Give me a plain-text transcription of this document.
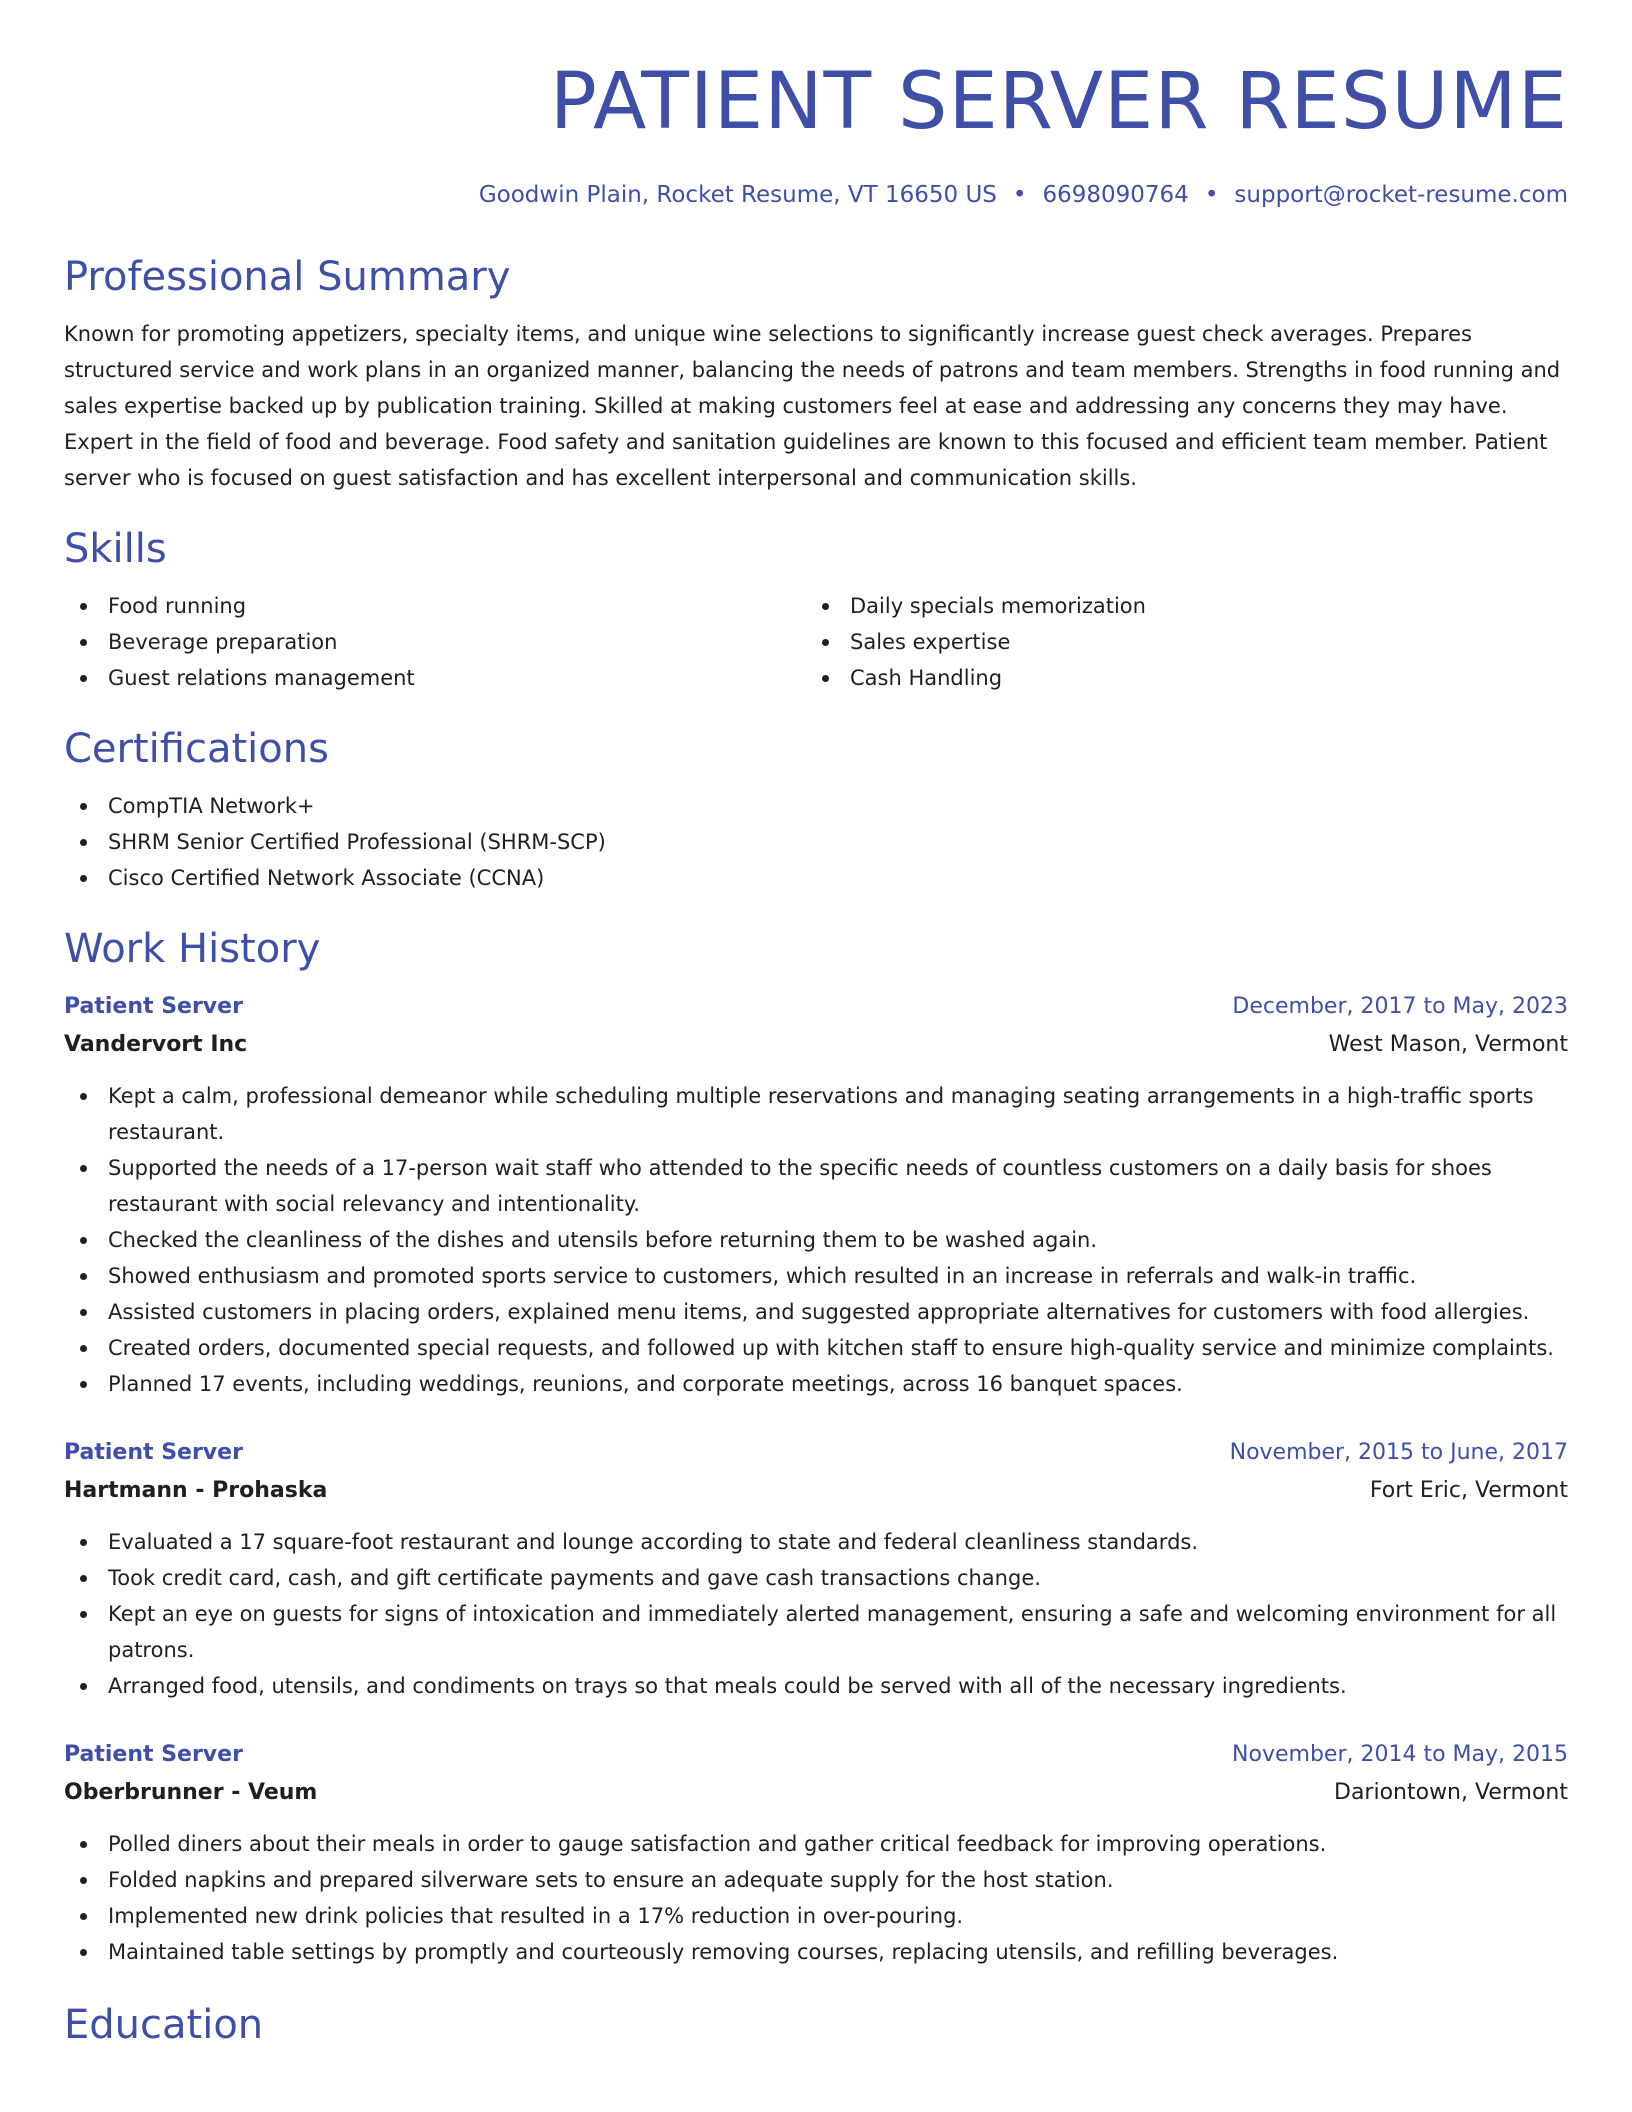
PATIENT SERVER RESUME
Goodwin Plain, Rocket Resume, VT 16650 US • 6698090764 • support@rocket-resume.com
Professional Summary

Known for promoting appetizers, specialty items, and unique wine selections to significantly increase guest check averages. Prepares structured service and work plans in an organized manner, balancing the needs of patrons and team members. Strengths in food running and sales expertise backed up by publication training. Skilled at making customers feel at ease and addressing any concerns they may have. Expert in the field of food and beverage. Food safety and sanitation guidelines are known to this focused and efficient team member. Patient server who is focused on guest satisfaction and has excellent interpersonal and communication skills.

Skills
Food running
Beverage preparation
Guest relations management
Daily specials memorization
Sales expertise
Cash Handling
Certifications
CompTIA Network+
SHRM Senior Certified Professional (SHRM-SCP)
Cisco Certified Network Associate (CCNA)
Work History
Patient Server	December, 2017 to May, 2023
Vandervort Inc	West Mason, Vermont
Kept a calm, professional demeanor while scheduling multiple reservations and managing seating arrangements in a high-traffic sports restaurant.
Supported the needs of a 17-person wait staff who attended to the specific needs of countless customers on a daily basis for shoes restaurant with social relevancy and intentionality.
Checked the cleanliness of the dishes and utensils before returning them to be washed again.
Showed enthusiasm and promoted sports service to customers, which resulted in an increase in referrals and walk-in traffic.
Assisted customers in placing orders, explained menu items, and suggested appropriate alternatives for customers with food allergies.
Created orders, documented special requests, and followed up with kitchen staff to ensure high-quality service and minimize complaints.
Planned 17 events, including weddings, reunions, and corporate meetings, across 16 banquet spaces.
Patient Server	November, 2015 to June, 2017
Hartmann - Prohaska	Fort Eric, Vermont
Evaluated a 17 square-foot restaurant and lounge according to state and federal cleanliness standards.
Took credit card, cash, and gift certificate payments and gave cash transactions change.
Kept an eye on guests for signs of intoxication and immediately alerted management, ensuring a safe and welcoming environment for all patrons.
Arranged food, utensils, and condiments on trays so that meals could be served with all of the necessary ingredients.
Patient Server	November, 2014 to May, 2015
Oberbrunner - Veum	Dariontown, Vermont
Polled diners about their meals in order to gauge satisfaction and gather critical feedback for improving operations.
Folded napkins and prepared silverware sets to ensure an adequate supply for the host station.
Implemented new drink policies that resulted in a 17% reduction in over-pouring.
Maintained table settings by promptly and courteously removing courses, replacing utensils, and refilling beverages.
Education
